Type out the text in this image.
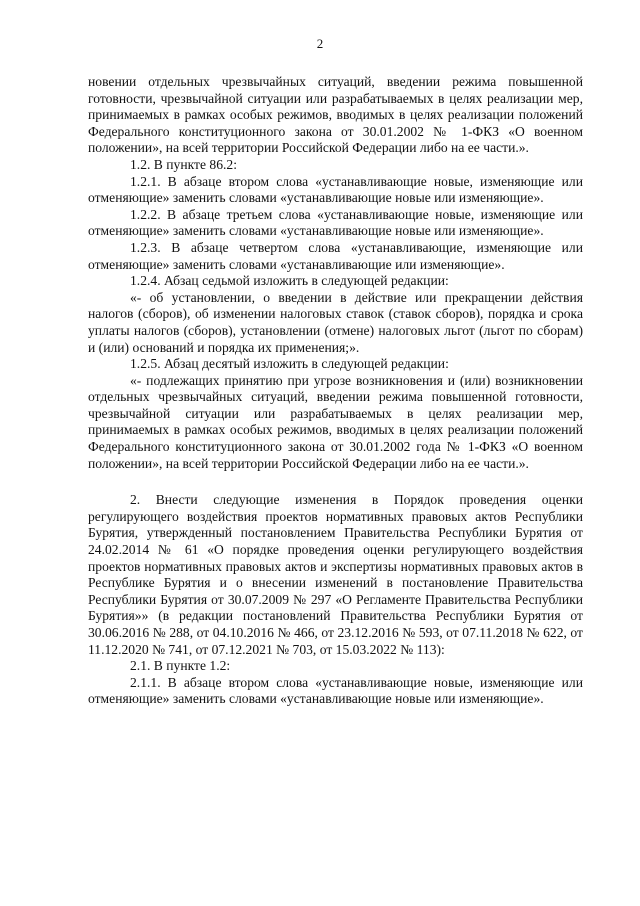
2

новении отдельных чрезвычайных ситуаций, введении режима повышенной готовности, чрезвычайной ситуации или разрабатываемых в целях реализации мер, принимаемых в рамках особых режимов, вводимых в целях реализации положений Федерального конституционного закона от 30.01.2002 № 1-ФКЗ «О военном положении», на всей территории Российской Федерации либо на ее части.».

1.2. В пункте 86.2:

1.2.1. В абзаце втором слова «устанавливающие новые, изменяющие или отменяющие» заменить словами «устанавливающие новые или изменяющие».

1.2.2. В абзаце третьем слова «устанавливающие новые, изменяющие или отменяющие» заменить словами «устанавливающие новые или изменяющие».

1.2.3. В абзаце четвертом слова «устанавливающие, изменяющие или отменяющие» заменить словами «устанавливающие или изменяющие».

1.2.4. Абзац седьмой изложить в следующей редакции:

«- об установлении, о введении в действие или прекращении действия налогов (сборов), об изменении налоговых ставок (ставок сборов), порядка и срока уплаты налогов (сборов), установлении (отмене) налоговых льгот (льгот по сборам) и (или) оснований и порядка их применения;».

1.2.5. Абзац десятый изложить в следующей редакции:

«- подлежащих принятию при угрозе возникновения и (или) возникновении отдельных чрезвычайных ситуаций, введении режима повышенной готовности, чрезвычайной ситуации или разрабатываемых в целях реализации мер, принимаемых в рамках особых режимов, вводимых в целях реализации положений Федерального конституционного закона от 30.01.2002 года № 1-ФКЗ «О военном положении», на всей территории Российской Федерации либо на ее части.».

2. Внести следующие изменения в Порядок проведения оценки регулирующего воздействия проектов нормативных правовых актов Республики Бурятия, утвержденный постановлением Правительства Республики Бурятия от 24.02.2014 № 61 «О порядке проведения оценки регулирующего воздействия проектов нормативных правовых актов и экспертизы нормативных правовых актов в Республике Бурятия и о внесении изменений в постановление Правительства Республики Бурятия от 30.07.2009 № 297 «О Регламенте Правительства Республики Бурятия»» (в редакции постановлений Правительства Республики Бурятия от 30.06.2016 № 288, от 04.10.2016 № 466, от 23.12.2016 № 593, от 07.11.2018 № 622, от 11.12.2020 № 741, от 07.12.2021 № 703, от 15.03.2022 № 113):

2.1. В пункте 1.2:

2.1.1. В абзаце втором слова «устанавливающие новые, изменяющие или отменяющие» заменить словами «устанавливающие новые или изменяющие».
